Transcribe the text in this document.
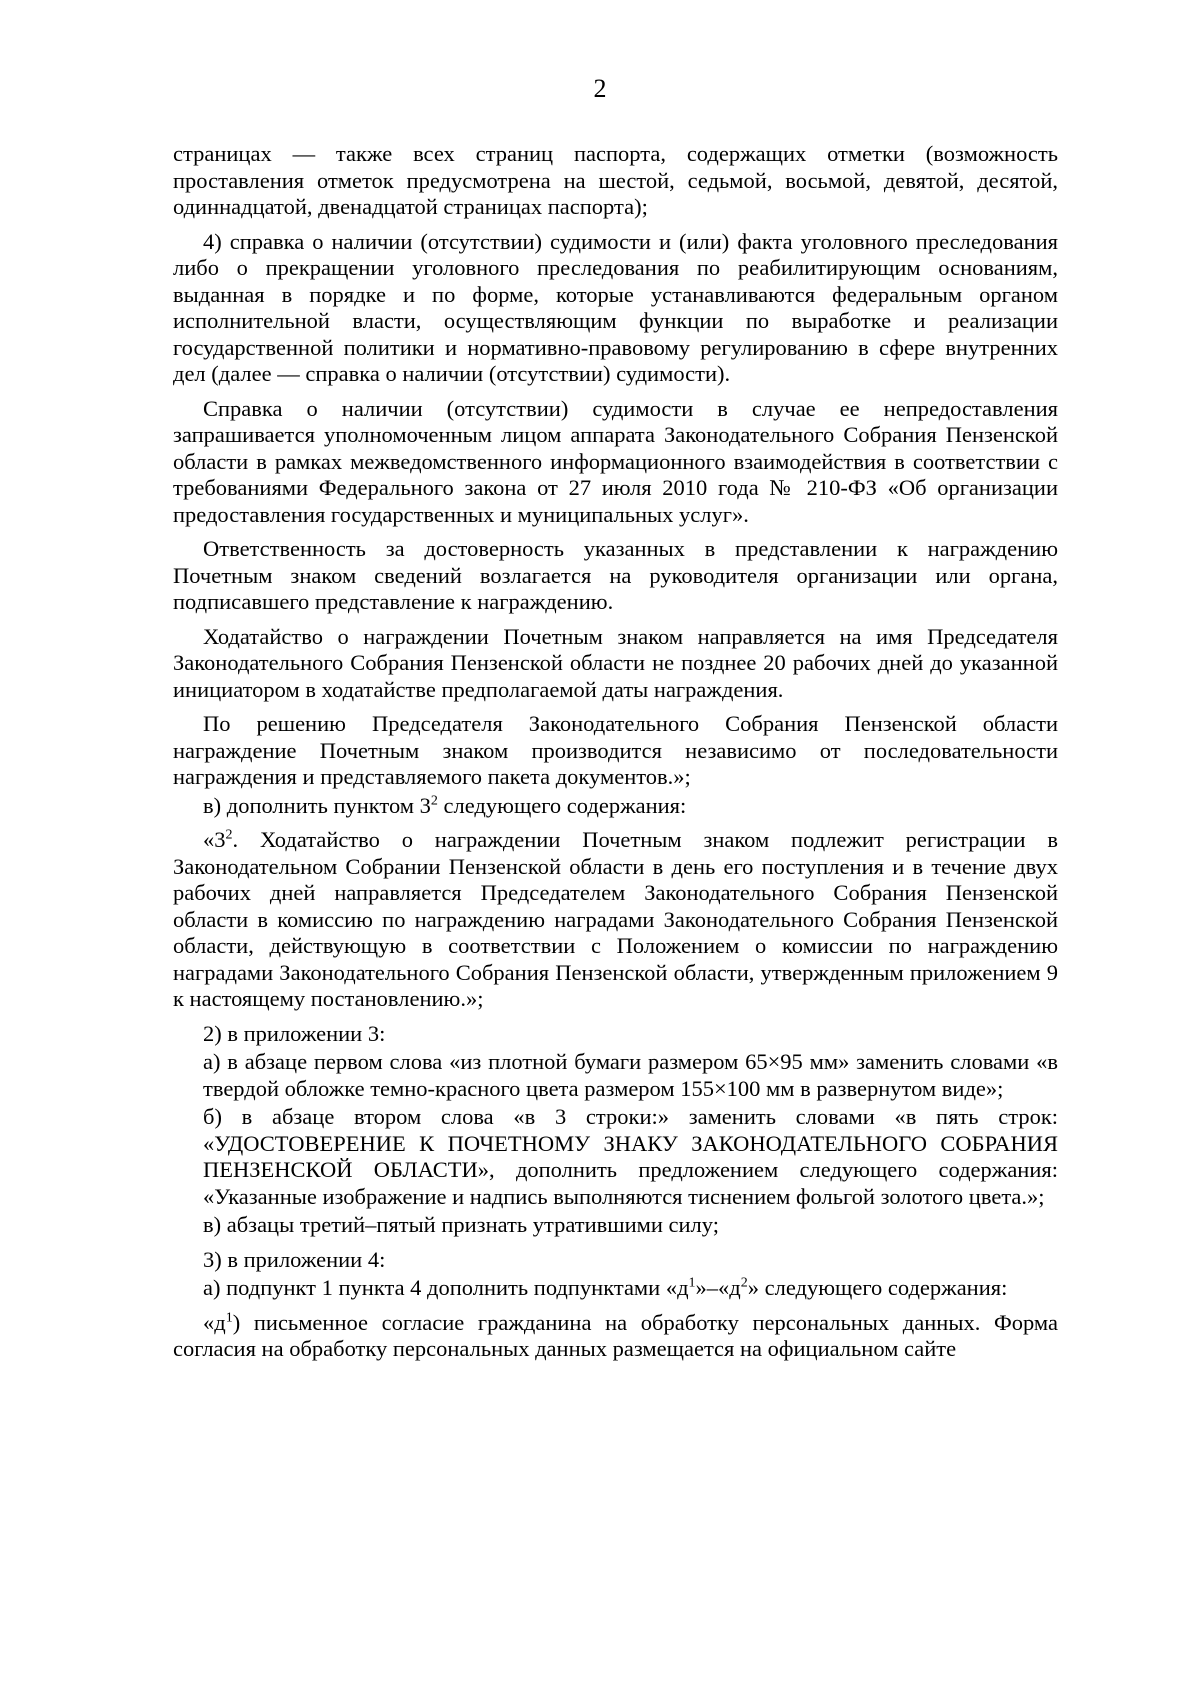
2

страницах — также всех страниц паспорта, содержащих отметки (возможность проставления отметок предусмотрена на шестой, седьмой, восьмой, девятой, десятой, одиннадцатой, двенадцатой страницах паспорта);

4) справка о наличии (отсутствии) судимости и (или) факта уголовного преследования либо о прекращении уголовного преследования по реабилитирующим основаниям, выданная в порядке и по форме, которые устанавливаются федеральным органом исполнительной власти, осуществляющим функции по выработке и реализации государственной политики и нормативно-правовому регулированию в сфере внутренних дел (далее — справка о наличии (отсутствии) судимости).

Справка о наличии (отсутствии) судимости в случае ее непредоставления запрашивается уполномоченным лицом аппарата Законодательного Собрания Пензенской области в рамках межведомственного информационного взаимодействия в соответствии с требованиями Федерального закона от 27 июля 2010 года № 210-ФЗ «Об организации предоставления государственных и муниципальных услуг».

Ответственность за достоверность указанных в представлении к награждению Почетным знаком сведений возлагается на руководителя организации или органа, подписавшего представление к награждению.

Ходатайство о награждении Почетным знаком направляется на имя Председателя Законодательного Собрания Пензенской области не позднее 20 рабочих дней до указанной инициатором в ходатайстве предполагаемой даты награждения.

По решению Председателя Законодательного Собрания Пензенской области награждение Почетным знаком производится независимо от последовательности награждения и представляемого пакета документов.»;

в) дополнить пунктом $3^2$ следующего содержания:

«$3^2$. Ходатайство о награждении Почетным знаком подлежит регистрации в Законодательном Собрании Пензенской области в день его поступления и в течение двух рабочих дней направляется Председателем Законодательного Собрания Пензенской области в комиссию по награждению наградами Законодательного Собрания Пензенской области, действующую в соответствии с Положением о комиссии по награждению наградами Законодательного Собрания Пензенской области, утвержденным приложением 9 к настоящему постановлению.»;

2) в приложении 3:

а) в абзаце первом слова «из плотной бумаги размером 65×95 мм» заменить словами «в твердой обложке темно-красного цвета размером 155×100 мм в развернутом виде»;

б) в абзаце втором слова «в 3 строки:» заменить словами «в пять строк: «УДОСТОВЕРЕНИЕ К ПОЧЕТНОМУ ЗНАКУ ЗАКОНОДАТЕЛЬНОГО СОБРАНИЯ ПЕНЗЕНСКОЙ ОБЛАСТИ», дополнить предложением следующего содержания: «Указанные изображение и надпись выполняются тиснением фольгой золотого цвета.»;

в) абзацы третий–пятый признать утратившими силу;

3) в приложении 4:

а) подпункт 1 пункта 4 дополнить подпунктами «$д^1»-«д^2$» следующего содержания:

«$д^1$) письменное согласие гражданина на обработку персональных данных. Форма согласия на обработку персональных данных размещается на официальном сайте
